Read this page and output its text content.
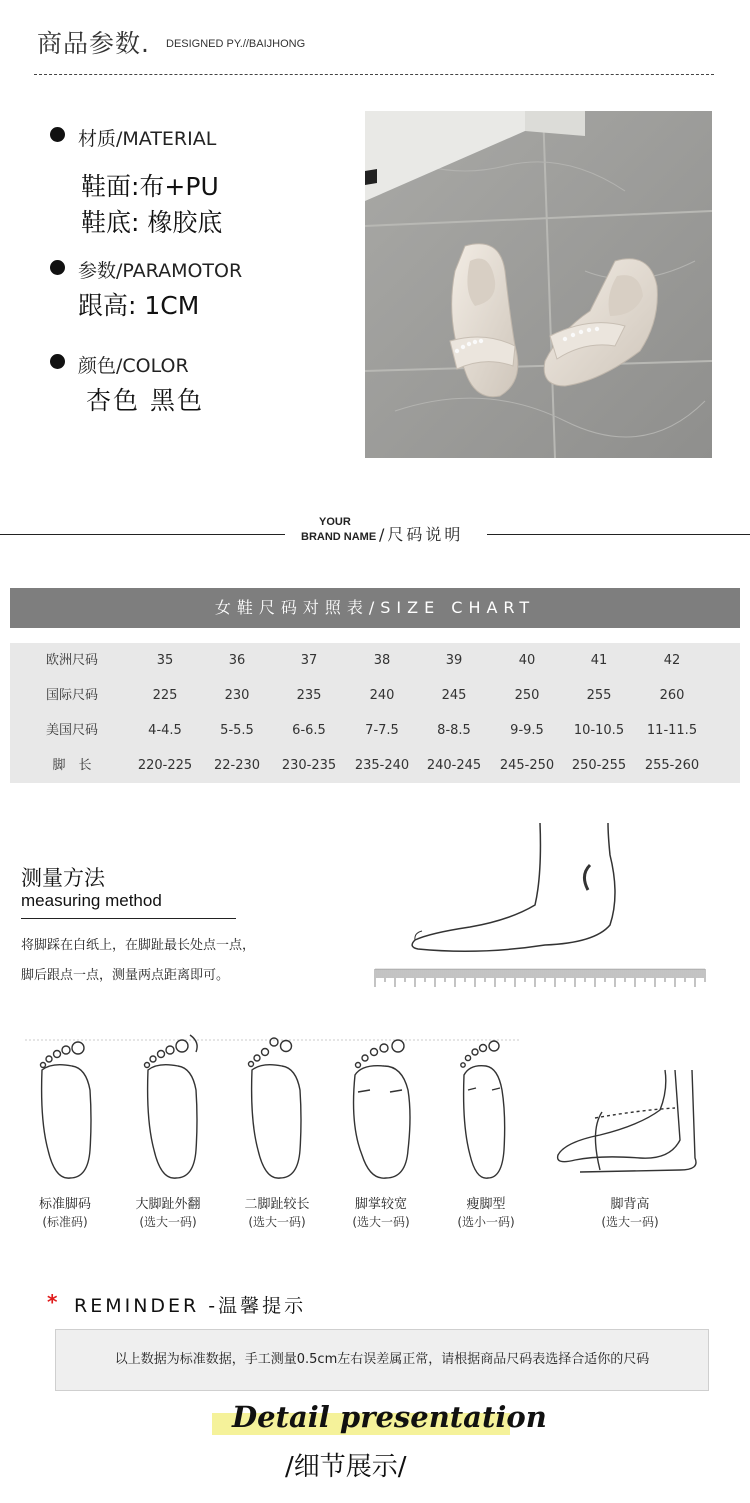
商品参数. DESIGNED PY.//BAIJHONG
材质/MATERIAL
鞋面:布+PU
鞋底: 橡胶底
参数/PARAMOTOR
跟高: 1CM
颜色/COLOR
杏色 黑色
YOUR
BRAND NAME /尺码说明
女鞋尺码对照表/SIZE CHART
欧洲尺码	35	36	37	38	39	40	41	42
国际尺码	225	230	235	240	245	250	255	260
美国尺码	4-4.5	5-5.5	6-6.5	7-7.5	8-8.5	9-9.5	10-10.5	11-11.5
脚　长	220-225	22-230	230-235	235-240	240-245	245-250	250-255	255-260
测量方法
measuring method
将脚踩在白纸上，在脚趾最长处点一点，
脚后跟点一点，测量两点距离即可。
标准脚码
(标准码)
大脚趾外翻
(选大一码)
二脚趾较长
(选大一码)
脚掌较宽
(选大一码)
瘦脚型
(选小一码)
脚背高
(选大一码)
* REMINDER -温馨提示
以上数据为标准数据，手工测量0.5cm左右误差属正常，请根据商品尺码表选择合适你的尺码
Detail presentation
/细节展示/
